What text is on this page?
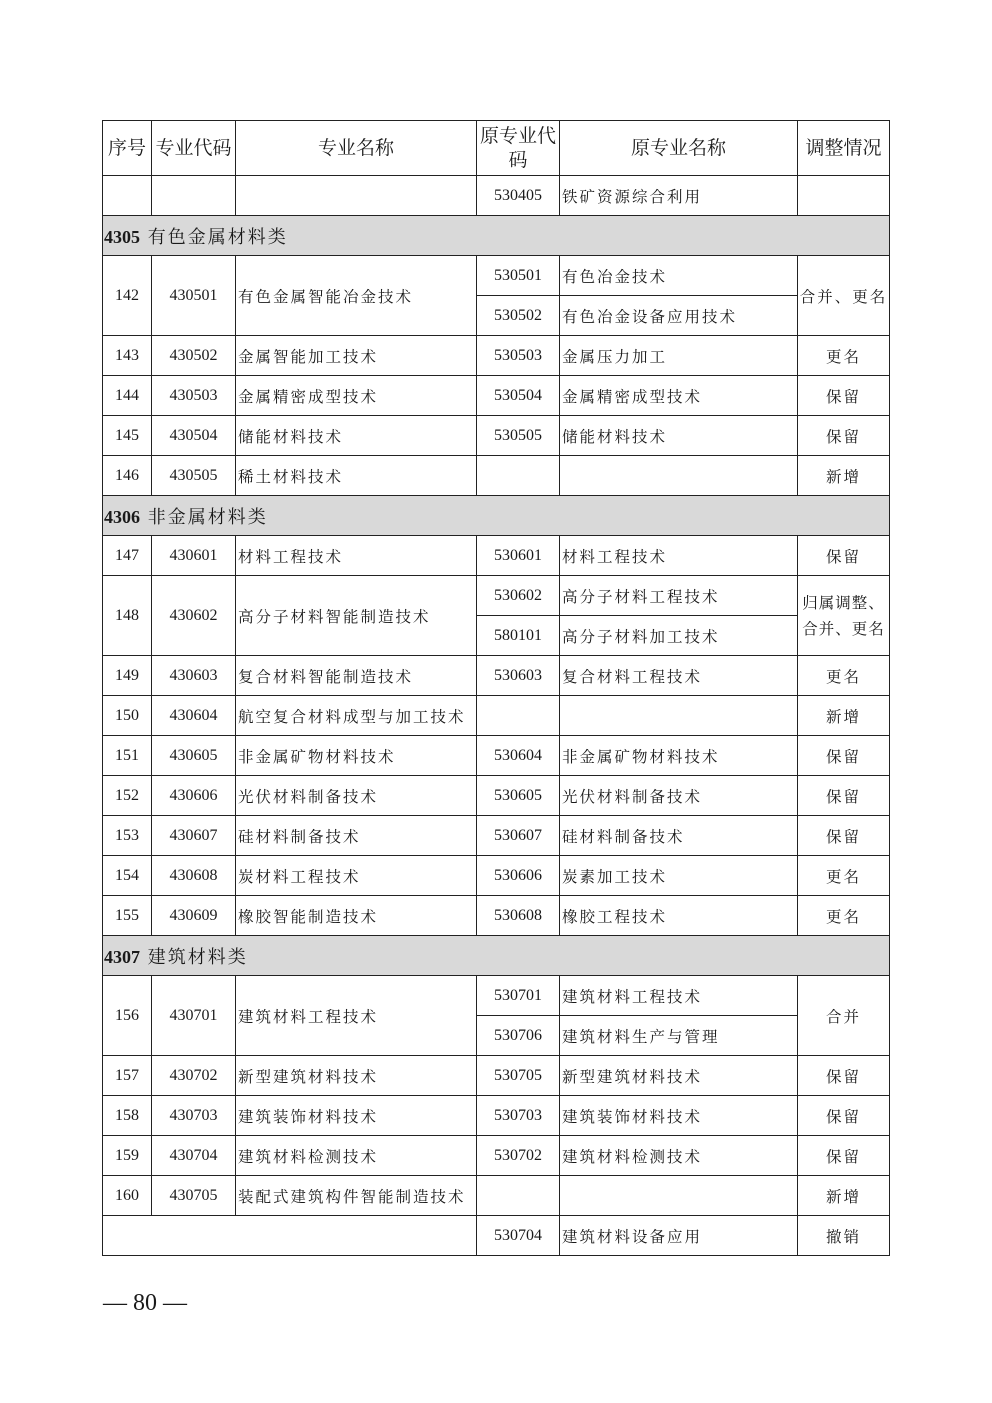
序号	专业代码	专业名称	原专业代码	原专业名称	调整情况
			530405	铁矿资源综合利用	
4305 有色金属材料类					
142	430501	有色金属智能冶金技术	530501	有色冶金技术	合并、更名
			530502	有色冶金设备应用技术	
143	430502	金属智能加工技术	530503	金属压力加工	更名
144	430503	金属精密成型技术	530504	金属精密成型技术	保留
145	430504	储能材料技术	530505	储能材料技术	保留
146	430505	稀土材料技术			新增
4306 非金属材料类					
147	430601	材料工程技术	530601	材料工程技术	保留
148	430602	高分子材料智能制造技术	530602	高分子材料工程技术	归属调整、合并、更名
			580101	高分子材料加工技术	
149	430603	复合材料智能制造技术	530603	复合材料工程技术	更名
150	430604	航空复合材料成型与加工技术			新增
151	430605	非金属矿物材料技术	530604	非金属矿物材料技术	保留
152	430606	光伏材料制备技术	530605	光伏材料制备技术	保留
153	430607	硅材料制备技术	530607	硅材料制备技术	保留
154	430608	炭材料工程技术	530606	炭素加工技术	更名
155	430609	橡胶智能制造技术	530608	橡胶工程技术	更名
4307 建筑材料类					
156	430701	建筑材料工程技术	530701	建筑材料工程技术	合并
			530706	建筑材料生产与管理	
157	430702	新型建筑材料技术	530705	新型建筑材料技术	保留
158	430703	建筑装饰材料技术	530703	建筑装饰材料技术	保留
159	430704	建筑材料检测技术	530702	建筑材料检测技术	保留
160	430705	装配式建筑构件智能制造技术			新增
			530704	建筑材料设备应用	撤销
— 80 —
